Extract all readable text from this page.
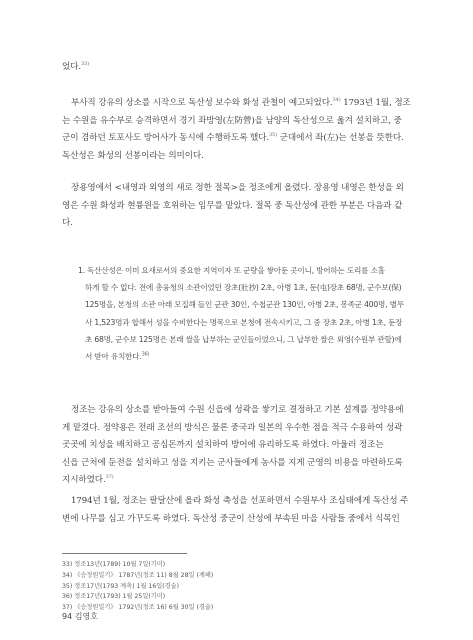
었다.$^{33)}$

부사직 강유의 상소를 시작으로 독산성 보수와 화성 관철이 예고되었다.$^{34)}$ 1793년 1월, 정조
는 수원을 유수부로 승격하면서 경기 좌방영(左防營)을 남양의 독산성으로 옮겨 설치하고, 중
군이 겸하던 토포사도 방어사가 동시에 수행하도록 했다.$^{35)}$ 군대에서 좌(左)는 선봉을 뜻한다.
독산성은 화성의 선봉이라는 의미이다.

장용영에서 <내영과 외영의 새로 정한 절목>을 정조에게 올렸다. 장용영 내영은 한성을 외
영은 수원 화성과 현륭원을 호위하는 임무를 맡았다. 절목 중 독산성에 관한 부분은 다음과 같
다.

1. 독산산성은 이미 요새로서의 중요한 지역이자 또 군량을 쌓아둔 곳이니, 방어하는 도리를 소홀
하게 할 수 없다. 전에 총융청의 소관이었던 장초(壯抄) 2초, 아병 1초, 둔(屯)장초 68명, 군수보(保)
125명을, 본청의 소관 아래 모집해 들인 군관 30인, 수첩군관 130인, 아병 2초, 봉족군 400명, 별무
사 1,523명과 합해서 성을 수비한다는 명목으로 본청에 전속시키고, 그 중 장초 2초, 아병 1초, 둔장
초 68명, 군수보 125명은 본래 쌀을 납부하는 군인들이었으니, 그 납부한 쌀은 외영(수원부 관할)에
서 받아 유치한다.$^{36)}$

정조는 강유의 상소를 받아들여 수원 신읍에 성곽을 쌓기로 결정하고 기본 설계를 정약용에
게 맡겼다. 정약용은 전래 조선의 방식은 물론 중국과 일본의 우수한 점을 적극 수용하여 성곽
곳곳에 치성을 배치하고 공심돈까지 설치하여 방어에 유리하도록 하였다. 아울러 정조는
신읍 근처에 둔전을 설치하고 성을 지키는 군사들에게 농사를 지게 군영의 비용을 마련하도록
지시하였다.$^{37)}$

1794년 1월, 정조는 팔달산에 올라 화성 축성을 선포하면서 수원부사 조심태에게 독산성 주
변에 나무를 심고 가꾸도록 하였다. 독산성 중군이 산성에 부속된 마을 사람들 중에서 식목인

33) 정조13년(1789) 10월 7일(기미)
34) 《승정원일기》 1787년(정조 11) 8월 28일 (계해)
35) 정조17년(1793 계축) 1월 16일(경술)
36) 정조17년(1793) 1월 25일(기미)
37) 《승정원일기》 1792년(정조 16) 6월 30일 (경술)
94 김영호
